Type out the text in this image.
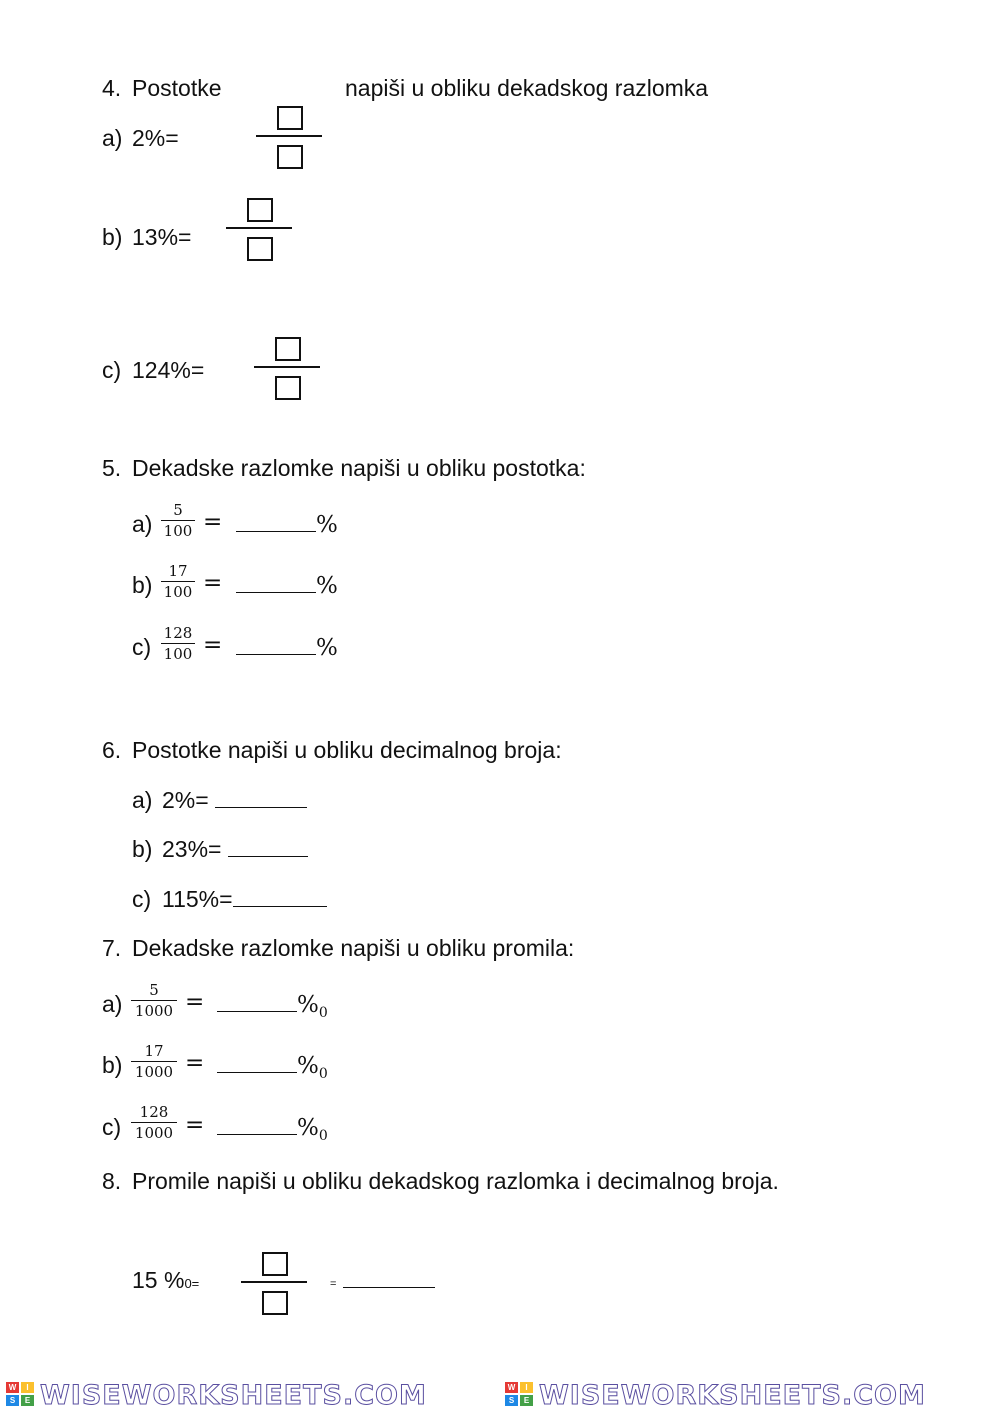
4. Postotke	napiši u obliku dekadskog razlomka
a) 2%=
b) 13%=
c) 124%=
5. Dekadske razlomke napiši u obliku postotka:
a)
5
100 =	%
b)
17
100 =	%
c)
128
100 =	%
6. Postotke napiši u obliku decimalnog broja:
a) 2%=
b) 23%=
c) 115%=
7. Dekadske razlomke napiši u obliku promila:
a)
5
1000 =	$\%_0$
b)
17
1000 =	$\%_0$
c)
128
1000 =	$\%_0$
8. Promile napiši u obliku dekadskog razlomka i decimalnog broja.
15 %0=	=
W	I
S	E WISEWORKSHEETS.COM	W	I
S	E WISEWORKSHEETS.COM
